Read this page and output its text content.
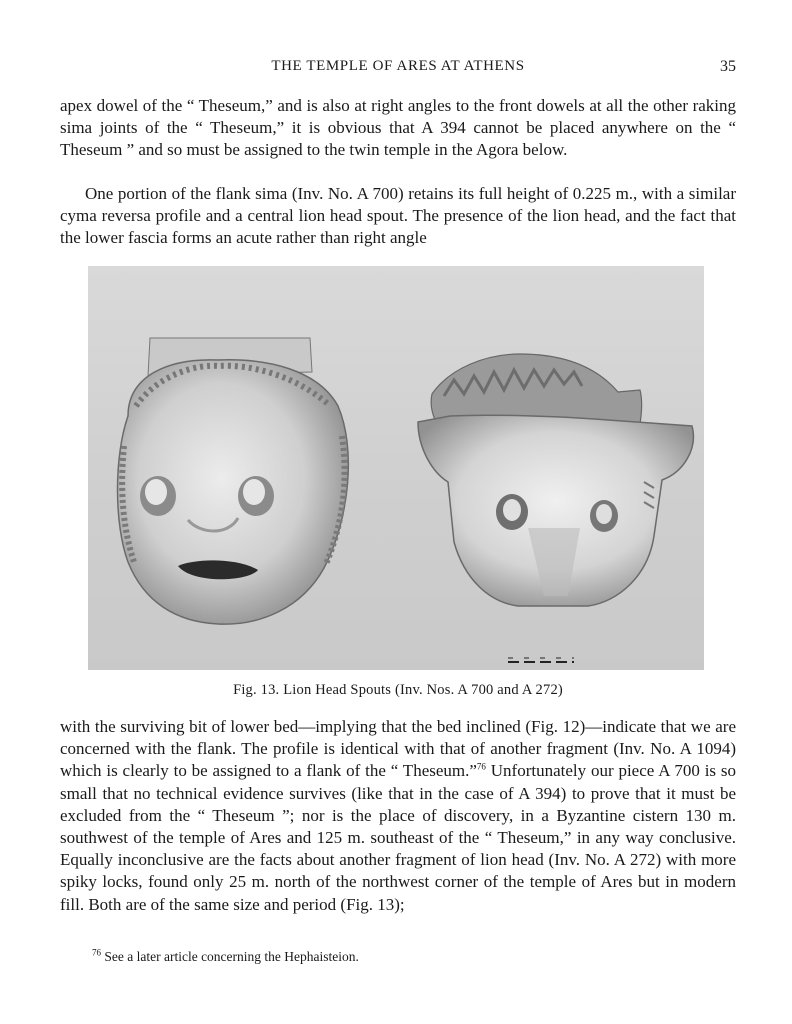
THE TEMPLE OF ARES AT ATHENS	35

apex dowel of the “ Theseum,” and is also at right angles to the front dowels at all the other raking sima joints of the “ Theseum,” it is obvious that A 394 cannot be placed anywhere on the “ Theseum ” and so must be assigned to the twin temple in the Agora below.

One portion of the flank sima (Inv. No. A 700) retains its full height of 0.225 m., with a similar cyma reversa profile and a central lion head spout. The presence of the lion head, and the fact that the lower fascia forms an acute rather than right angle

Fig. 13. Lion Head Spouts (Inv. Nos. A 700 and A 272)

with the surviving bit of lower bed—implying that the bed inclined (Fig. 12)—indicate that we are concerned with the flank. The profile is identical with that of another fragment (Inv. No. A 1094) which is clearly to be assigned to a flank of the “ Theseum.”$^{76}$ Unfortunately our piece A 700 is so small that no technical evidence survives (like that in the case of A 394) to prove that it must be excluded from the “ Theseum ”; nor is the place of discovery, in a Byzantine cistern 130 m. southwest of the temple of Ares and 125 m. southeast of the “ Theseum,” in any way conclusive. Equally inconclusive are the facts about another fragment of lion head (Inv. No. A 272) with more spiky locks, found only 25 m. north of the northwest corner of the temple of Ares but in modern fill. Both are of the same size and period (Fig. 13);

$^{76}$ See a later article concerning the Hephaisteion.
